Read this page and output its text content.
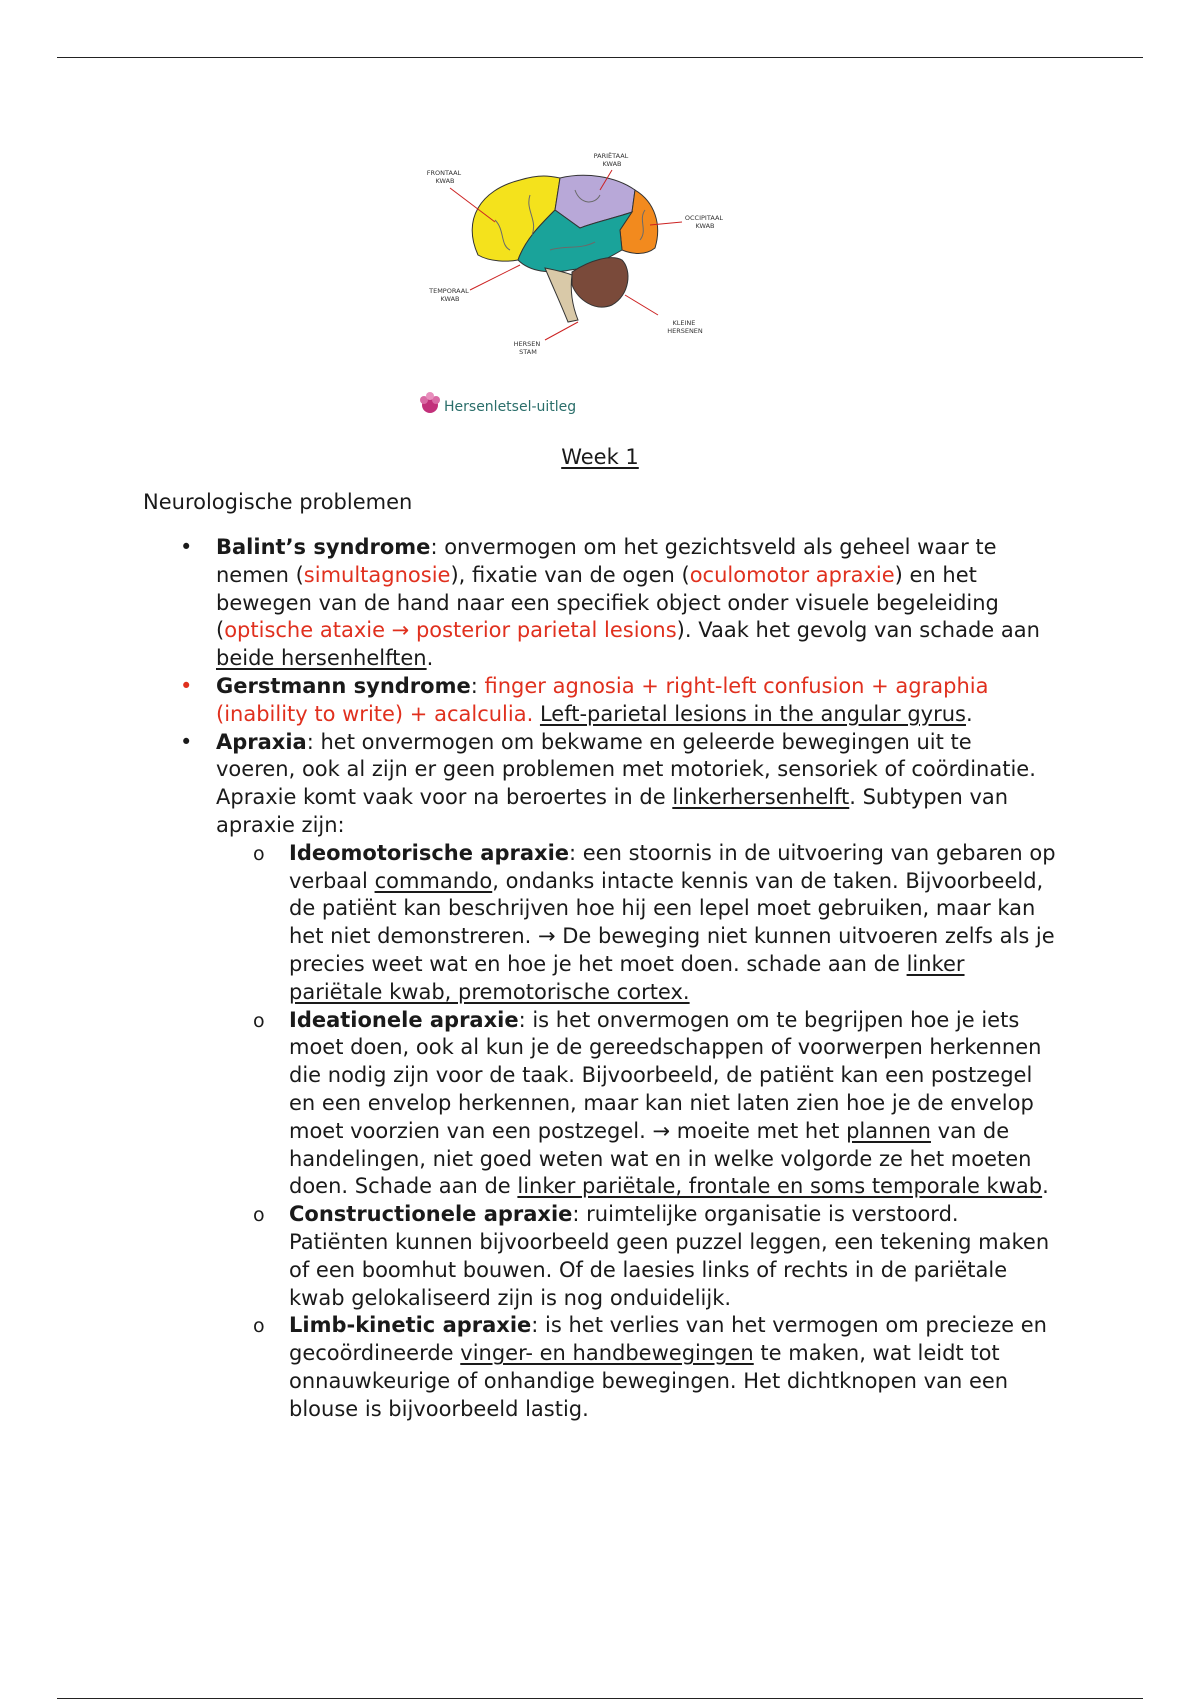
FRONTAAL KWAB
PARIËTAAL KWAB
OCCIPITAAL KWAB
TEMPORAAL KWAB
HERSEN STAM
KLEINE HERSENEN
Hersenletsel-uitleg
Week 1
Neurologische problemen

• Balint’s syndrome: onvermogen om het gezichtsveld als geheel waar te nemen (simultagnosie), fixatie van de ogen (oculomotor apraxie) en het bewegen van de hand naar een specifiek object onder visuele begeleiding (optische ataxie → posterior parietal lesions). Vaak het gevolg van schade aan beide hersenhelften.

• Gerstmann syndrome: finger agnosia + right-left confusion + agraphia (inability to write) + acalculia. Left-parietal lesions in the angular gyrus.

• Apraxia: het onvermogen om bekwame en geleerde bewegingen uit te voeren, ook al zijn er geen problemen met motoriek, sensoriek of coördinatie. Apraxie komt vaak voor na beroertes in de linkerhersenhelft. Subtypen van apraxie zijn:

o Ideomotorische apraxie: een stoornis in de uitvoering van gebaren op verbaal commando, ondanks intacte kennis van de taken. Bijvoorbeeld, de patiënt kan beschrijven hoe hij een lepel moet gebruiken, maar kan het niet demonstreren. → De beweging niet kunnen uitvoeren zelfs als je precies weet wat en hoe je het moet doen. schade aan de linker pariëtale kwab, premotorische cortex.

o Ideationele apraxie: is het onvermogen om te begrijpen hoe je iets moet doen, ook al kun je de gereedschappen of voorwerpen herkennen die nodig zijn voor de taak. Bijvoorbeeld, de patiënt kan een postzegel en een envelop herkennen, maar kan niet laten zien hoe je de envelop moet voorzien van een postzegel. → moeite met het plannen van de handelingen, niet goed weten wat en in welke volgorde ze het moeten doen. Schade aan de linker pariëtale, frontale en soms temporale kwab.

o Constructionele apraxie: ruimtelijke organisatie is verstoord. Patiënten kunnen bijvoorbeeld geen puzzel leggen, een tekening maken of een boomhut bouwen. Of de laesies links of rechts in de pariëtale kwab gelokaliseerd zijn is nog onduidelijk.

o Limb-kinetic apraxie: is het verlies van het vermogen om precieze en gecoördineerde vinger- en handbewegingen te maken, wat leidt tot onnauwkeurige of onhandige bewegingen. Het dichtknopen van een blouse is bijvoorbeeld lastig.
